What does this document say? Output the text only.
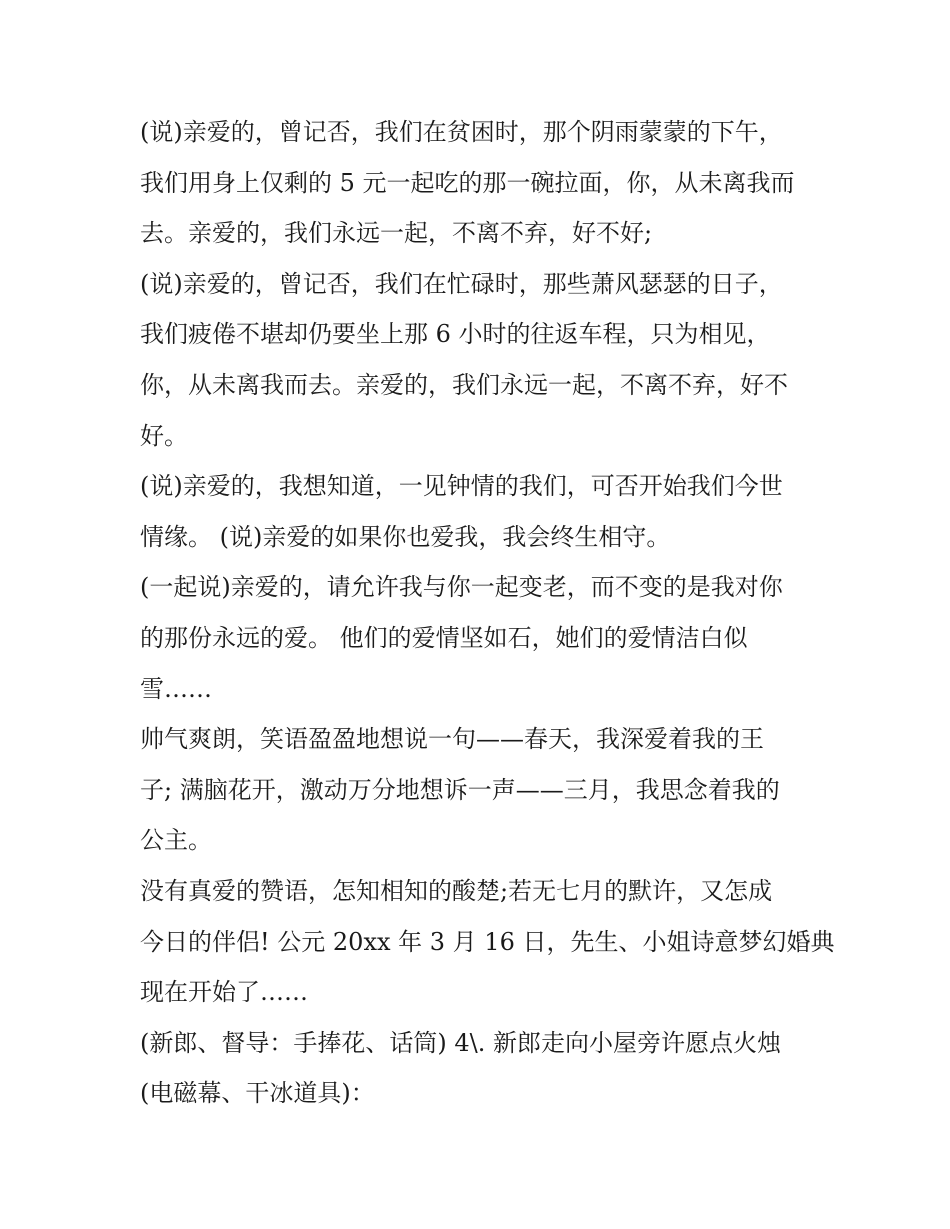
(说)亲爱的，曾记否，我们在贫困时，那个阴雨蒙蒙的下午，
我们用身上仅剩的 5 元一起吃的那一碗拉面，你，从未离我而
去。亲爱的，我们永远一起，不离不弃，好不好;
(说)亲爱的，曾记否，我们在忙碌时，那些萧风瑟瑟的日子，
我们疲倦不堪却仍要坐上那 6 小时的往返车程，只为相见，
你，从未离我而去。亲爱的，我们永远一起，不离不弃，好不
好。
(说)亲爱的，我想知道，一见钟情的我们，可否开始我们今世
情缘。 (说)亲爱的如果你也爱我，我会终生相守。
(一起说)亲爱的，请允许我与你一起变老，而不变的是我对你
的那份永远的爱。 他们的爱情坚如石，她们的爱情洁白似
雪……
帅气爽朗，笑语盈盈地想说一句——春天，我深爱着我的王
子; 满脑花开，激动万分地想诉一声——三月，我思念着我的
公主。
没有真爱的赞语，怎知相知的酸楚;若无七月的默许，又怎成
今日的伴侣! 公元 20xx 年 3 月 16 日，先生、小姐诗意梦幻婚典
现在开始了……
(新郎、督导：手捧花、话筒) 4\. 新郎走向小屋旁许愿点火烛
(电磁幕、干冰道具)：
